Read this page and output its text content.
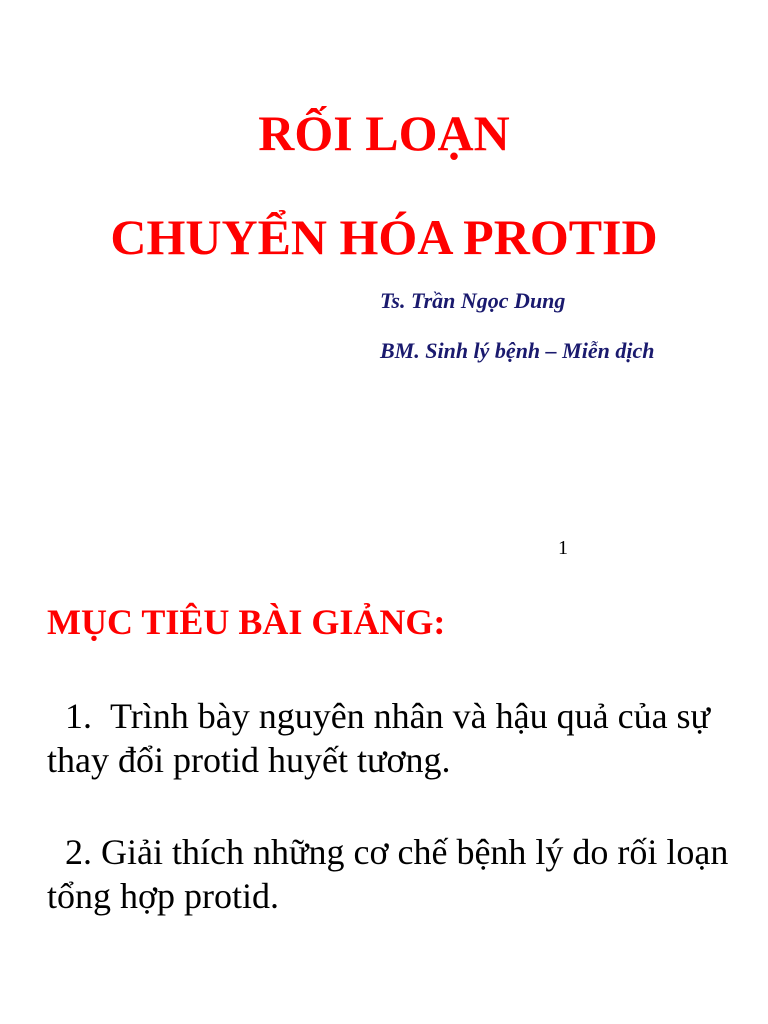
RỐI LOẠN
CHUYỂN HÓA PROTID
Ts. Trần Ngọc Dung
BM. Sinh lý bệnh – Miễn dịch
1
MỤC TIÊU BÀI GIẢNG:

1. Trình bày nguyên nhân và hậu quả của sự thay đổi protid huyết tương.

2. Giải thích những cơ chế bệnh lý do rối loạn tổng hợp protid.
